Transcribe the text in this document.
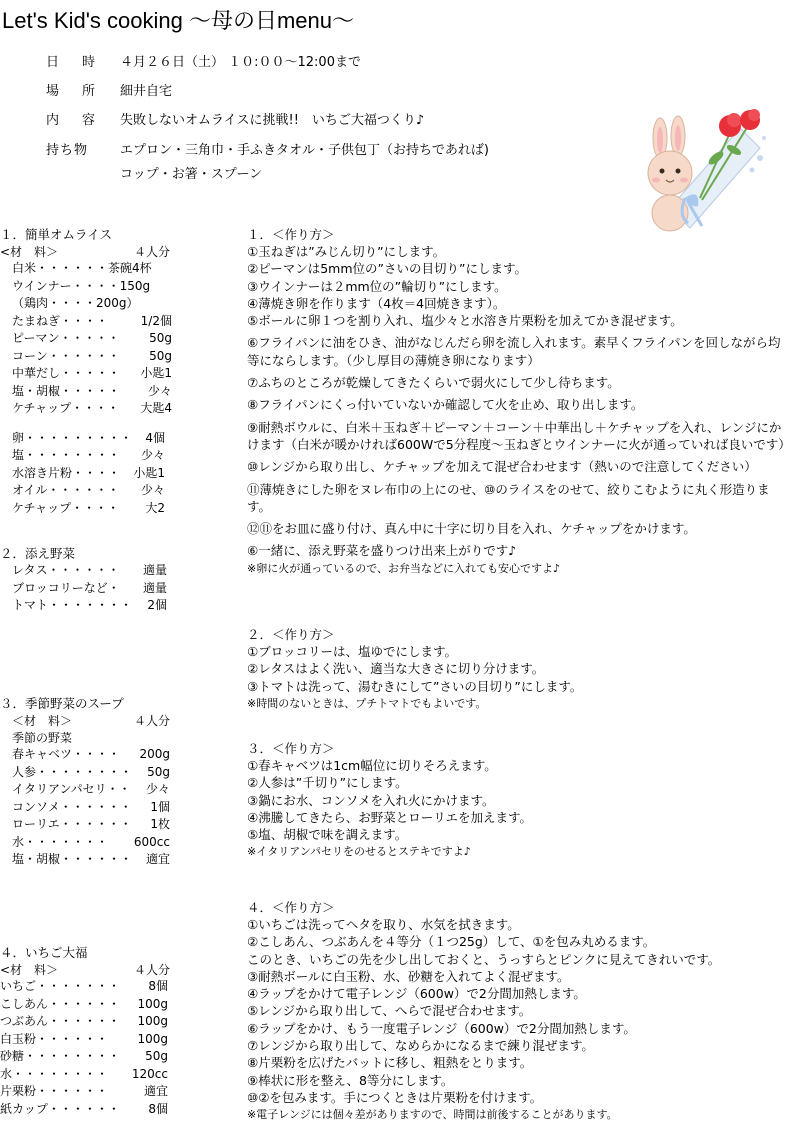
Let's Kid's cooking ～母の日menu～
日　時 ４月２６日（土） １０:００～12:00まで
場　所 細井自宅
内　容 失敗しないオムライスに挑戦!!　いちご大福つくり♪
持ち物 エプロン・三角巾・手ふきタオル・子供包丁（お持ちであれば)
コップ・お箸・スプーン
１．簡単オムライス
<材　料＞	４人分
白米・・・・・・茶碗4杯
ウインナー・・・・150g
（鶏肉・・・・200g）
たまねぎ・・・・	1/2個
ピーマン・・・・・ 50g
コーン・・・・・・ 50g
中華だし・・・・・ 小匙1
塩・胡椒・・・・・ 少々
ケチャップ・・・・ 大匙4
卵・・・・・・・・・ 4個
塩・・・・・・・・ 少々
水溶き片粉・・・・ 小匙1
オイル・・・・・・ 少々
ケチャップ・・・・ 大2
２．添え野菜
レタス・・・・・・ 適量
ブロッコリーなど・ 適量
トマト・・・・・・・ 2個
３．季節野菜のスープ
＜材　料＞	４人分
季節の野菜
春キャベツ・・・・ 200g
人参・・・・・・・・ 50g
イタリアンパセリ・・ 少々
コンソメ・・・・・・ 1個
ローリエ・・・・・・ 1枚
水・・・・・・・ 600cc
塩・胡椒・・・・・・ 適宜
４．いちご大福
<材　料＞	４人分
いちご・・・・・・・ 8個
こしあん・・・・・・ 100g
つぶあん・・・・・・ 100g
白玉粉・・・・・・ 100g
砂糖・・・・・・・・ 50g
水・・・・・・・・ 120cc
片栗粉・・・・・・	適宜
紙カップ・・・・・・ 8個
１．＜作り方＞
①玉ねぎは”みじん切り”にします。
②ピーマンは5mm位の”さいの目切り”にします。
③ウインナーは２mm位の”輪切り”にします。
④薄焼き卵を作ります（4枚＝4回焼きます）。
⑤ボールに卵１つを割り入れ、塩少々と水溶き片栗粉を加えてかき混ぜます。
⑥フライパンに油をひき、油がなじんだら卵を流し入れます。素早くフライパンを回しながら均等にならします。（少し厚目の薄焼き卵になります）
⑦ふちのところが乾燥してきたくらいで弱火にして少し待ちます。
⑧フライパンにくっ付いていないか確認して火を止め、取り出します。
⑨耐熱ボウルに、白米＋玉ねぎ＋ピーマン＋コーン＋中華出し＋ケチャップを入れ、レンジにかけます（白米が暖かければ600Wで5分程度～玉ねぎとウインナーに火が通っていれば良いです）
⑩レンジから取り出し、ケチャップを加えて混ぜ合わせます（熱いので注意してください）
⑪薄焼きにした卵をヌレ布巾の上にのせ、⑩のライスをのせて、絞りこむように丸く形造ります。
⑫⑪をお皿に盛り付け、真ん中に十字に切り目を入れ、ケチャップをかけます。
⑥一緒に、添え野菜を盛りつけ出来上がりです♪
※卵に火が通っているので、お弁当などに入れても安心ですよ♪
２．＜作り方＞
①ブロッコリーは、塩ゆでにします。
②レタスはよく洗い、適当な大きさに切り分けます。
③トマトは洗って、湯むきにして”さいの目切り”にします。
※時間のないときは、プチトマトでもよいです。
３．＜作り方＞
①春キャベツは1cm幅位に切りそろえます。
②人参は”千切り”にします。
③鍋にお水、コンソメを入れ火にかけます。
④沸騰してきたら、お野菜とローリエを加えます。
⑤塩、胡椒で味を調えます。
※イタリアンパセリをのせるとステキですよ♪
４．＜作り方＞
①いちごは洗ってヘタを取り、水気を拭きます。
②こしあん、つぶあんを４等分（１つ25g）して、①を包み丸めるます。
このとき、いちごの先を少し出しておくと、うっすらとピンクに見えてきれいです。
③耐熱ボールに白玉粉、水、砂糖を入れてよく混ぜます。
④ラップをかけて電子レンジ（600w）で2分間加熱します。
⑤レンジから取り出して、へらで混ぜ合わせます。
⑥ラップをかけ、もう一度電子レンジ（600w）で2分間加熱します。
⑦レンジから取り出して、なめらかになるまで練り混ぜます。
⑧片栗粉を広げたバットに移し、粗熱をとります。
⑨棒状に形を整え、8等分にします。
⑩②を包みます。手につくときは片栗粉を付けます。
※電子レンジには個々差がありますので、時間は前後することがあります。
